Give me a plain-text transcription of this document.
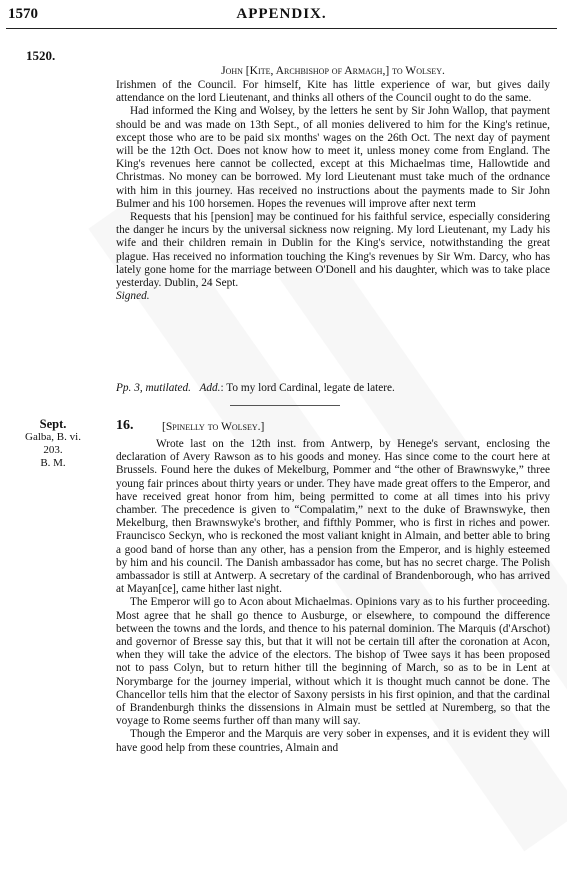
1570	APPENDIX.
1520.
John [Kite, Archbishop of Armagh,] to Wolsey.

Irishmen of the Council. For himself, Kite has little experience of war, but gives daily attendance on the lord Lieutenant, and thinks all others of the Council ought to do the same.

Had informed the King and Wolsey, by the letters he sent by Sir John Wallop, that payment should be and was made on 13th Sept., of all monies delivered to him for the King's retinue, except those who are to be paid six months' wages on the 26th Oct. The next day of payment will be the 12th Oct. Does not know how to meet it, unless money come from England. The King's revenues here cannot be collected, except at this Michaelmas time, Hallowtide and Christmas. No money can be borrowed. My lord Lieutenant must take much of the ordnance with him in this journey. Has received no instructions about the payments made to Sir John Bulmer and his 100 horsemen. Hopes the revenues will improve after next term

Requests that his [pension] may be continued for his faithful service, especially considering the danger he incurs by the universal sickness now reigning. My lord Lieutenant, my Lady his wife and their children remain in Dublin for the King's service, notwithstanding the great plague. Has received no information touching the King's revenues by Sir Wm. Darcy, who has lately gone home for the marriage between O'Donell and his daughter, which was to take place yesterday. Dublin, 24 Sept.

Signed.

Pp. 3, mutilated. Add.: To my lord Cardinal, legate de latere.
Sept.
Galba, B. vi.
203.
B. M.
16. [Spinelly to Wolsey.]

Wrote last on the 12th inst. from Antwerp, by Henege's servant, enclosing the declaration of Avery Rawson as to his goods and money. Has since come to the court here at Brussels. Found here the dukes of Mekelburg, Pommer and “the other of Brawnswyke,” three young fair princes about thirty years or under. They have made great offers to the Emperor, and have received great honor from him, being permitted to come at all times into his privy chamber. The precedence is given to “Compalatim,” next to the duke of Brawnswyke, then Mekelburg, then Brawnswyke's brother, and fifthly Pommer, who is first in riches and power. Frauncisco Seckyn, who is reckoned the most valiant knight in Almain, and better able to bring a good band of horse than any other, has a pension from the Emperor, and is highly esteemed by him and his council. The Danish ambassador has come, but has no secret charge. The Polish ambassador is still at Antwerp. A secretary of the cardinal of Brandenborough, who has arrived at Mayan[ce], came hither last night.

The Emperor will go to Acon about Michaelmas. Opinions vary as to his further proceeding. Most agree that he shall go thence to Ausburge, or elsewhere, to compound the difference between the towns and the lords, and thence to his paternal dominion. The Marquis (d'Arschot) and governor of Bresse say this, but that it will not be certain till after the coronation at Acon, when they will take the advice of the electors. The bishop of Twee says it has been proposed not to pass Colyn, but to return hither till the beginning of March, so as to be in Lent at Norymbarge for the journey imperial, without which it is thought much cannot be done. The Chancellor tells him that the elector of Saxony persists in his first opinion, and that the cardinal of Brandenburgh thinks the dissensions in Almain must be settled at Nuremberg, so that the voyage to Rome seems further off than many will say.

Though the Emperor and the Marquis are very sober in expenses, and it is evident they will have good help from these countries, Almain and
